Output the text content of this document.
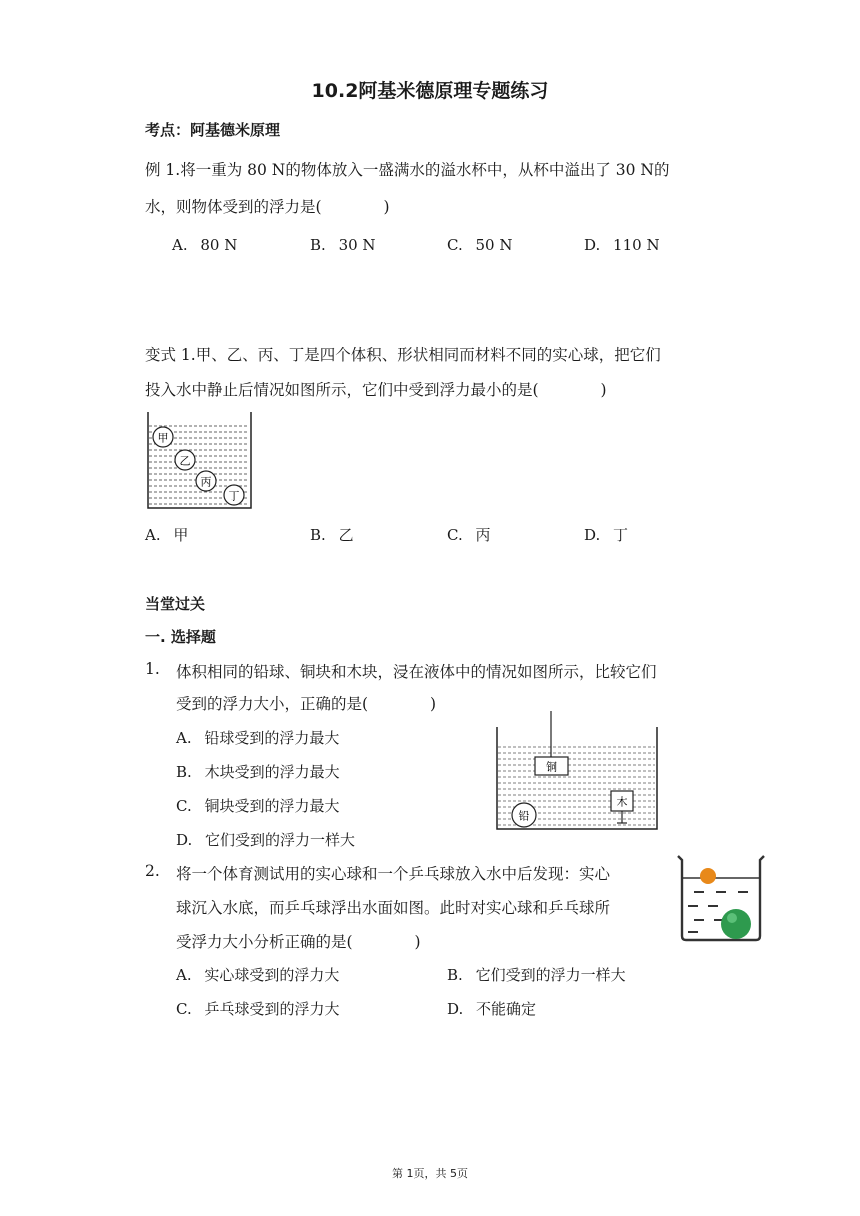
10.2阿基米德原理专题练习
考点：阿基德米原理
例 1.将一重为 80 N的物体放入一盛满水的溢水杯中，从杯中溢出了 30 N的
水，则物体受到的浮力是(　　　　)
A. 80 N	B. 30 N	C. 50 N	D. 110 N
变式 1.甲、乙、丙、丁是四个体积、形状相同而材料不同的实心球，把它们
投入水中静止后情况如图所示，它们中受到浮力最小的是(　　　　)
甲
乙
丙
丁
A. 甲	B. 乙	C. 丙	D. 丁
当堂过关
一. 选择题
1. 体积相同的铅球、铜块和木块，浸在液体中的情况如图所示，比较它们
受到的浮力大小，正确的是(　　　　)
A. 铅球受到的浮力最大
B. 木块受到的浮力最大
C. 铜块受到的浮力最大
D. 它们受到的浮力一样大
铜
木
铅
2. 将一个体育测试用的实心球和一个乒乓球放入水中后发现：实心
球沉入水底，而乒乓球浮出水面如图。此时对实心球和乒乓球所
受浮力大小分析正确的是(　　　　)
A. 实心球受到的浮力大	B. 它们受到的浮力一样大
C. 乒乓球受到的浮力大	D. 不能确定
第 1页，共 5页
